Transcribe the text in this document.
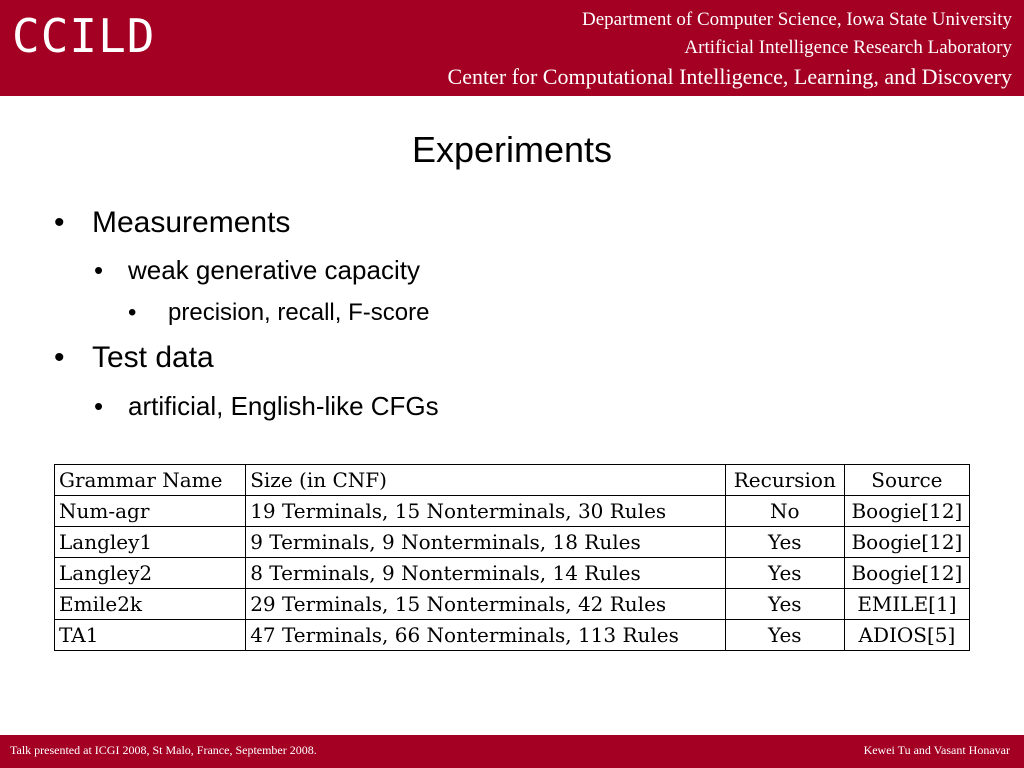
CCILD	Department of Computer Science, Iowa State University
Artificial Intelligence Research Laboratory
Center for Computational Intelligence, Learning, and Discovery
Experiments
• Measurements
• weak generative capacity
• precision, recall, F-score
• Test data
• artificial, English-like CFGs
Grammar Name	Size (in CNF)	Recursion	Source
Num-agr	19 Terminals, 15 Nonterminals, 30 Rules	No	Boogie[12]
Langley1	9 Terminals, 9 Nonterminals, 18 Rules	Yes	Boogie[12]
Langley2	8 Terminals, 9 Nonterminals, 14 Rules	Yes	Boogie[12]
Emile2k	29 Terminals, 15 Nonterminals, 42 Rules	Yes	EMILE[1]
TA1	47 Terminals, 66 Nonterminals, 113 Rules	Yes	ADIOS[5]
Talk presented at ICGI 2008, St Malo, France, September 2008.	Kewei Tu and Vasant Honavar
